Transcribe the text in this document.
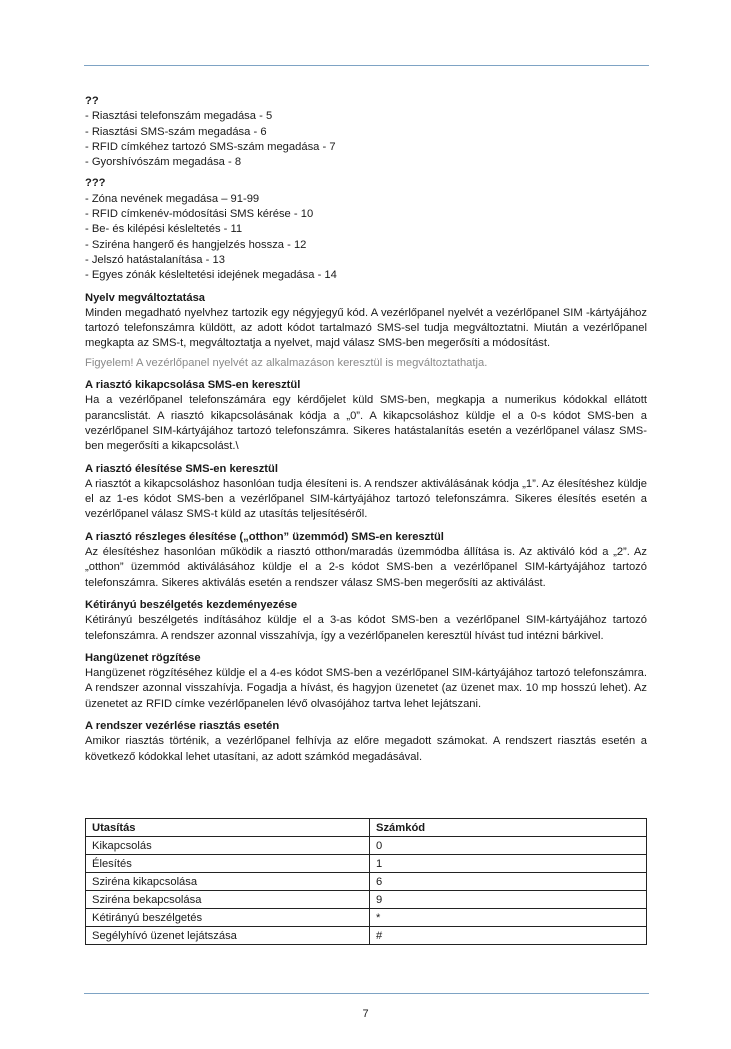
??

- Riasztási telefonszám megadása - 5

- Riasztási SMS-szám megadása - 6

- RFID címkéhez tartozó SMS-szám megadása - 7

- Gyorshívószám megadása - 8

???

- Zóna nevének megadása – 91-99

- RFID címkenév-módosítási SMS kérése - 10

- Be- és kilépési késleltetés - 11

- Sziréna hangerő és hangjelzés hossza - 12

- Jelszó hatástalanítása - 13

- Egyes zónák késleltetési idejének megadása - 14

Nyelv megváltoztatása

Minden megadható nyelvhez tartozik egy négyjegyű kód. A vezérlőpanel nyelvét a vezérlőpanel SIM -kártyájához tartozó telefonszámra küldött, az adott kódot tartalmazó SMS-sel tudja megváltoztatni. Miután a vezérlőpanel megkapta az SMS-t, megváltoztatja a nyelvet, majd válasz SMS-ben megerősíti a módosítást.

Figyelem! A vezérlőpanel nyelvét az alkalmazáson keresztül is megváltoztathatja.

A riasztó kikapcsolása SMS-en keresztül

Ha a vezérlőpanel telefonszámára egy kérdőjelet küld SMS-ben, megkapja a numerikus kódokkal ellátott parancslistát. A riasztó kikapcsolásának kódja a „0”. A kikapcsoláshoz küldje el a 0-s kódot SMS-ben a vezérlőpanel SIM-kártyájához tartozó telefonszámra. Sikeres hatástalanítás esetén a vezérlőpanel válasz SMS-ben megerősíti a kikapcsolást.\

A riasztó élesítése SMS-en keresztül

A riasztót a kikapcsoláshoz hasonlóan tudja élesíteni is. A rendszer aktiválásának kódja „1”. Az élesítéshez küldje el az 1-es kódot SMS-ben a vezérlőpanel SIM-kártyájához tartozó telefonszámra. Sikeres élesítés esetén a vezérlőpanel válasz SMS-t küld az utasítás teljesítéséről.

A riasztó részleges élesítése („otthon” üzemmód) SMS-en keresztül

Az élesítéshez hasonlóan működik a riasztó otthon/maradás üzemmódba állítása is. Az aktiváló kód a „2”. Az „otthon” üzemmód aktiválásához küldje el a 2-s kódot SMS-ben a vezérlőpanel SIM-kártyájához tartozó telefonszámra. Sikeres aktiválás esetén a rendszer válasz SMS-ben megerősíti az aktiválást.

Kétirányú beszélgetés kezdeményezése

Kétirányú beszélgetés indításához küldje el a 3-as kódot SMS-ben a vezérlőpanel SIM-kártyájához tartozó telefonszámra. A rendszer azonnal visszahívja, így a vezérlőpanelen keresztül hívást tud intézni bárkivel.

Hangüzenet rögzítése

Hangüzenet rögzítéséhez küldje el a 4-es kódot SMS-ben a vezérlőpanel SIM-kártyájához tartozó telefonszámra. A rendszer azonnal visszahívja. Fogadja a hívást, és hagyjon üzenetet (az üzenet max. 10 mp hosszú lehet). Az üzenetet az RFID címke vezérlőpanelen lévő olvasójához tartva lehet lejátszani.

A rendszer vezérlése riasztás esetén

Amikor riasztás történik, a vezérlőpanel felhívja az előre megadott számokat. A rendszert riasztás esetén a következő kódokkal lehet utasítani, az adott számkód megadásával.

Utasítás	Számkód
Kikapcsolás	0
Élesítés	1
Sziréna kikapcsolása	6
Sziréna bekapcsolása	9
Kétirányú beszélgetés	*
Segélyhívó üzenet lejátszása	#
7
